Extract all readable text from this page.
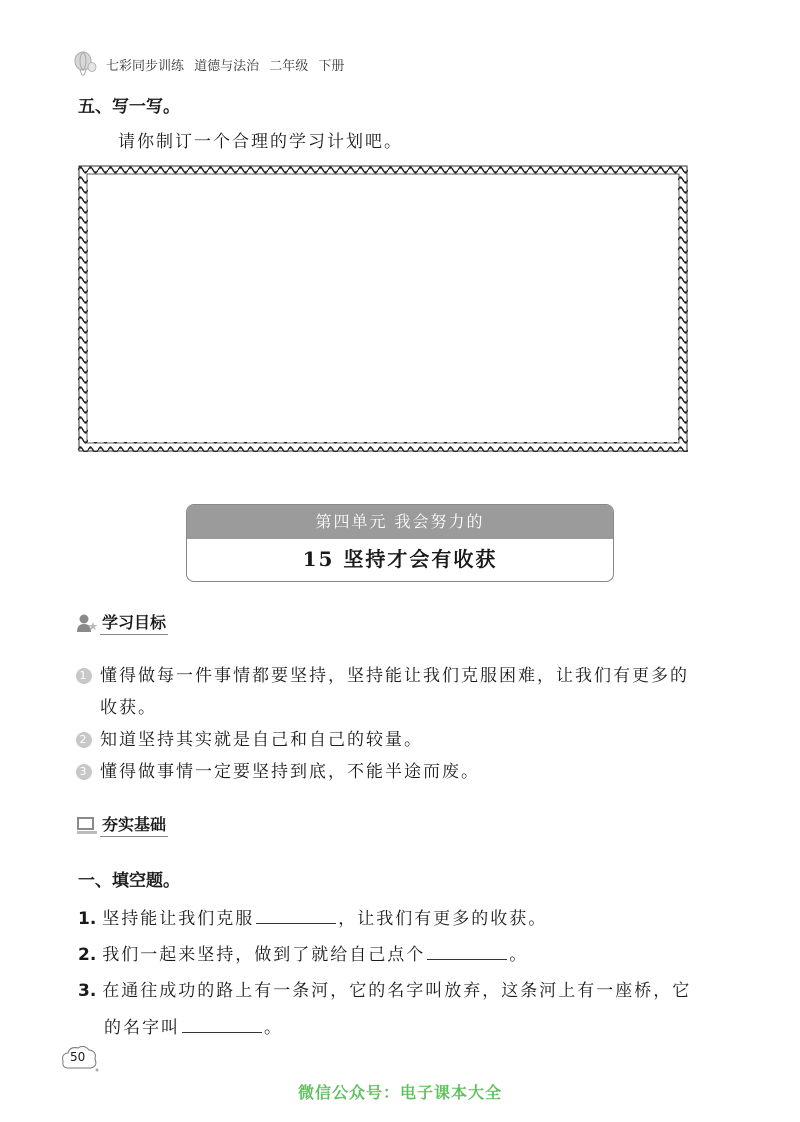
七彩同步训练 道德与法治 二年级 下册
五、写一写。
请你制订一个合理的学习计划吧。
第四单元 我会努力的
15 坚持才会有收获
学习目标
1 懂得做每一件事情都要坚持，坚持能让我们克服困难，让我们有更多的
收获。
2 知道坚持其实就是自己和自己的较量。
3 懂得做事情一定要坚持到底，不能半途而废。
夯实基础
一、填空题。
1. 坚持能让我们克服	，让我们有更多的收获。
2. 我们一起来坚持，做到了就给自己点个	。
3. 在通往成功的路上有一条河，它的名字叫放弃，这条河上有一座桥，它
的名字叫	。
50
微信公众号：电子课本大全
